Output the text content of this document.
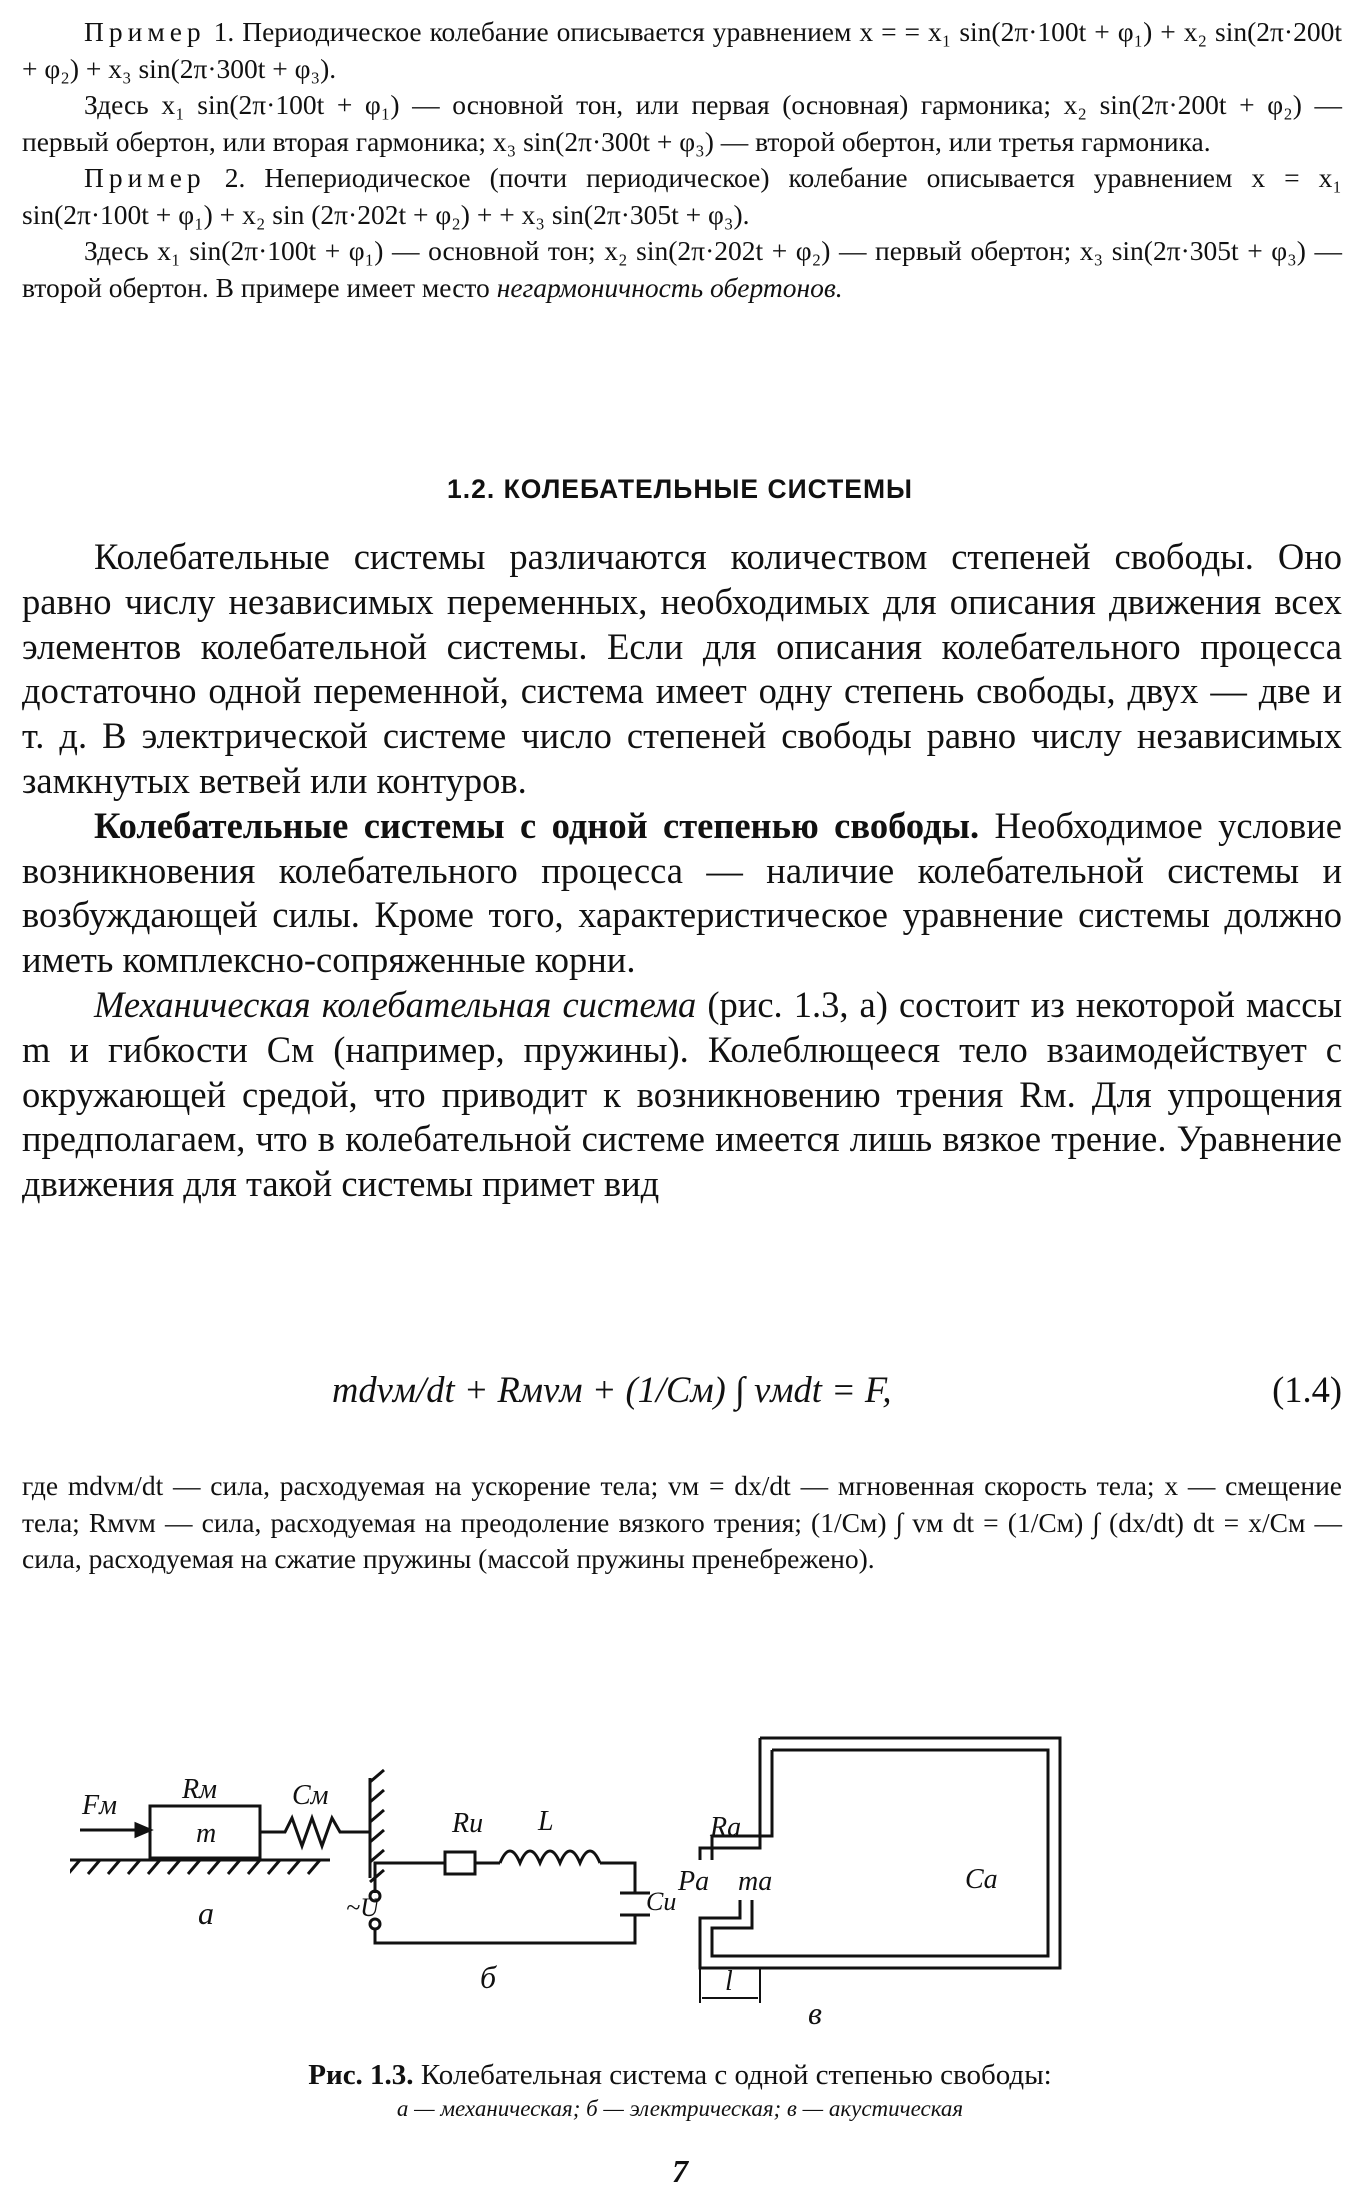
Пример 1. Периодическое колебание описывается уравнением x = = x₁ sin(2π·100t + φ₁) + x₂ sin(2π·200t + φ₂) + x₃ sin(2π·300t + φ₃).

Здесь x₁ sin(2π·100t + φ₁) — основной тон, или первая (основная) гармоника; x₂ sin(2π·200t + φ₂) — первый обертон, или вторая гармоника; x₃ sin(2π·300t + φ₃) — второй обертон, или третья гармоника.

Пример 2. Непериодическое (почти периодическое) колебание описывается уравнением x = x₁ sin(2π·100t + φ₁) + x₂ sin (2π·202t + φ₂) + + x₃ sin(2π·305t + φ₃).

Здесь x₁ sin(2π·100t + φ₁) — основной тон; x₂ sin(2π·202t + φ₂) — первый обертон; x₃ sin(2π·305t + φ₃) — второй обертон. В примере имеет место негармоничность обертонов.

1.2. КОЛЕБАТЕЛЬНЫЕ СИСТЕМЫ

Колебательные системы различаются количеством степеней свободы. Оно равно числу независимых переменных, необходимых для описания движения всех элементов колебательной системы. Если для описания колебательного процесса достаточно одной переменной, система имеет одну степень свободы, двух — две и т. д. В электрической системе число степеней свободы равно числу независимых замкнутых ветвей или контуров.

Колебательные системы с одной степенью свободы. Необходимое условие возникновения колебательного процесса — наличие колебательной системы и возбуждающей силы. Кроме того, характеристическое уравнение системы должно иметь комплексно-сопряженные корни.

Механическая колебательная система (рис. 1.3, а) состоит из некоторой массы m и гибкости Cм (например, пружины). Колеблющееся тело взаимодействует с окружающей средой, что приводит к возникновению трения Rм. Для упрощения предполагаем, что в колебательной системе имеется лишь вязкое трение. Уравнение движения для такой системы примет вид

mdvм/dt + Rмvм + (1/Cм) ∫ vмdt = F,	(1.4)

где mdvм/dt — сила, расходуемая на ускорение тела; vм = dx/dt — мгновенная скорость тела; x — смещение тела; Rмvм — сила, расходуемая на преодоление вязкого трения; (1/Cм) ∫ vм dt = (1/Cм) ∫ (dx/dt) dt = x/Cм — сила, расходуемая на сжатие пружины (массой пружины пренебрежено).

Fм
Rм	Cм
m
а
Rи L
Cи
~U
б
Ra
Pa ma	Ca
l
в
Рис. 1.3. Колебательная система с одной степенью свободы:
а — механическая; б — электрическая; в — акустическая
7
